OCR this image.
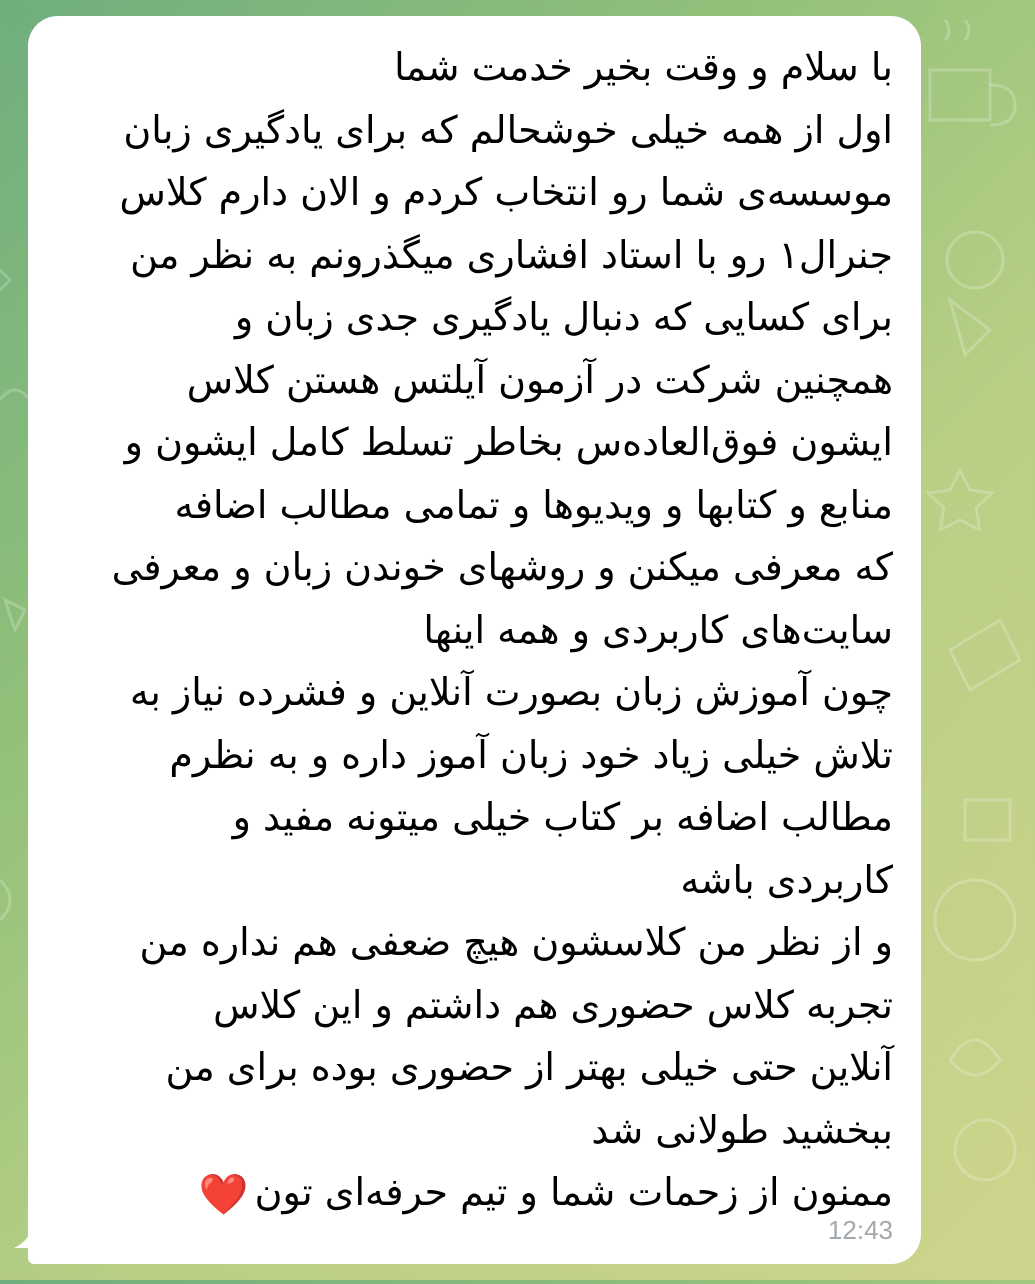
با سلام و وقت بخیر خدمت شما
اول از همه خیلی خوشحالم که برای یادگیری زبان
موسسه‌ی شما رو انتخاب کردم و الان دارم کلاس
جنرال۱ رو با استاد افشاری میگذرونم به نظر من
برای کسایی که دنبال یادگیری جدی زبان و
همچنین شرکت در آزمون آیلتس هستن کلاس
ایشون فوق‌العاده‌س بخاطر تسلط کامل ایشون و
منابع و کتابها و ویدیوها و تمامی مطالب اضافه
که معرفی میکنن و روشهای خوندن زبان و معرفی
سایت‌های کاربردی و همه اینها
چون آموزش زبان بصورت آنلاین و فشرده نیاز به
تلاش خیلی زیاد خود زبان آموز داره و به نظرم
مطالب اضافه بر کتاب خیلی میتونه مفید و
کاربردی باشه
و از نظر من کلاسشون هیچ ضعفی هم نداره من
تجربه کلاس حضوری هم داشتم و این کلاس
آنلاین حتی خیلی بهتر از حضوری بوده برای من
ببخشید طولانی شد
ممنون از زحمات شما و تیم حرفه‌ای تون❤️
12:43
